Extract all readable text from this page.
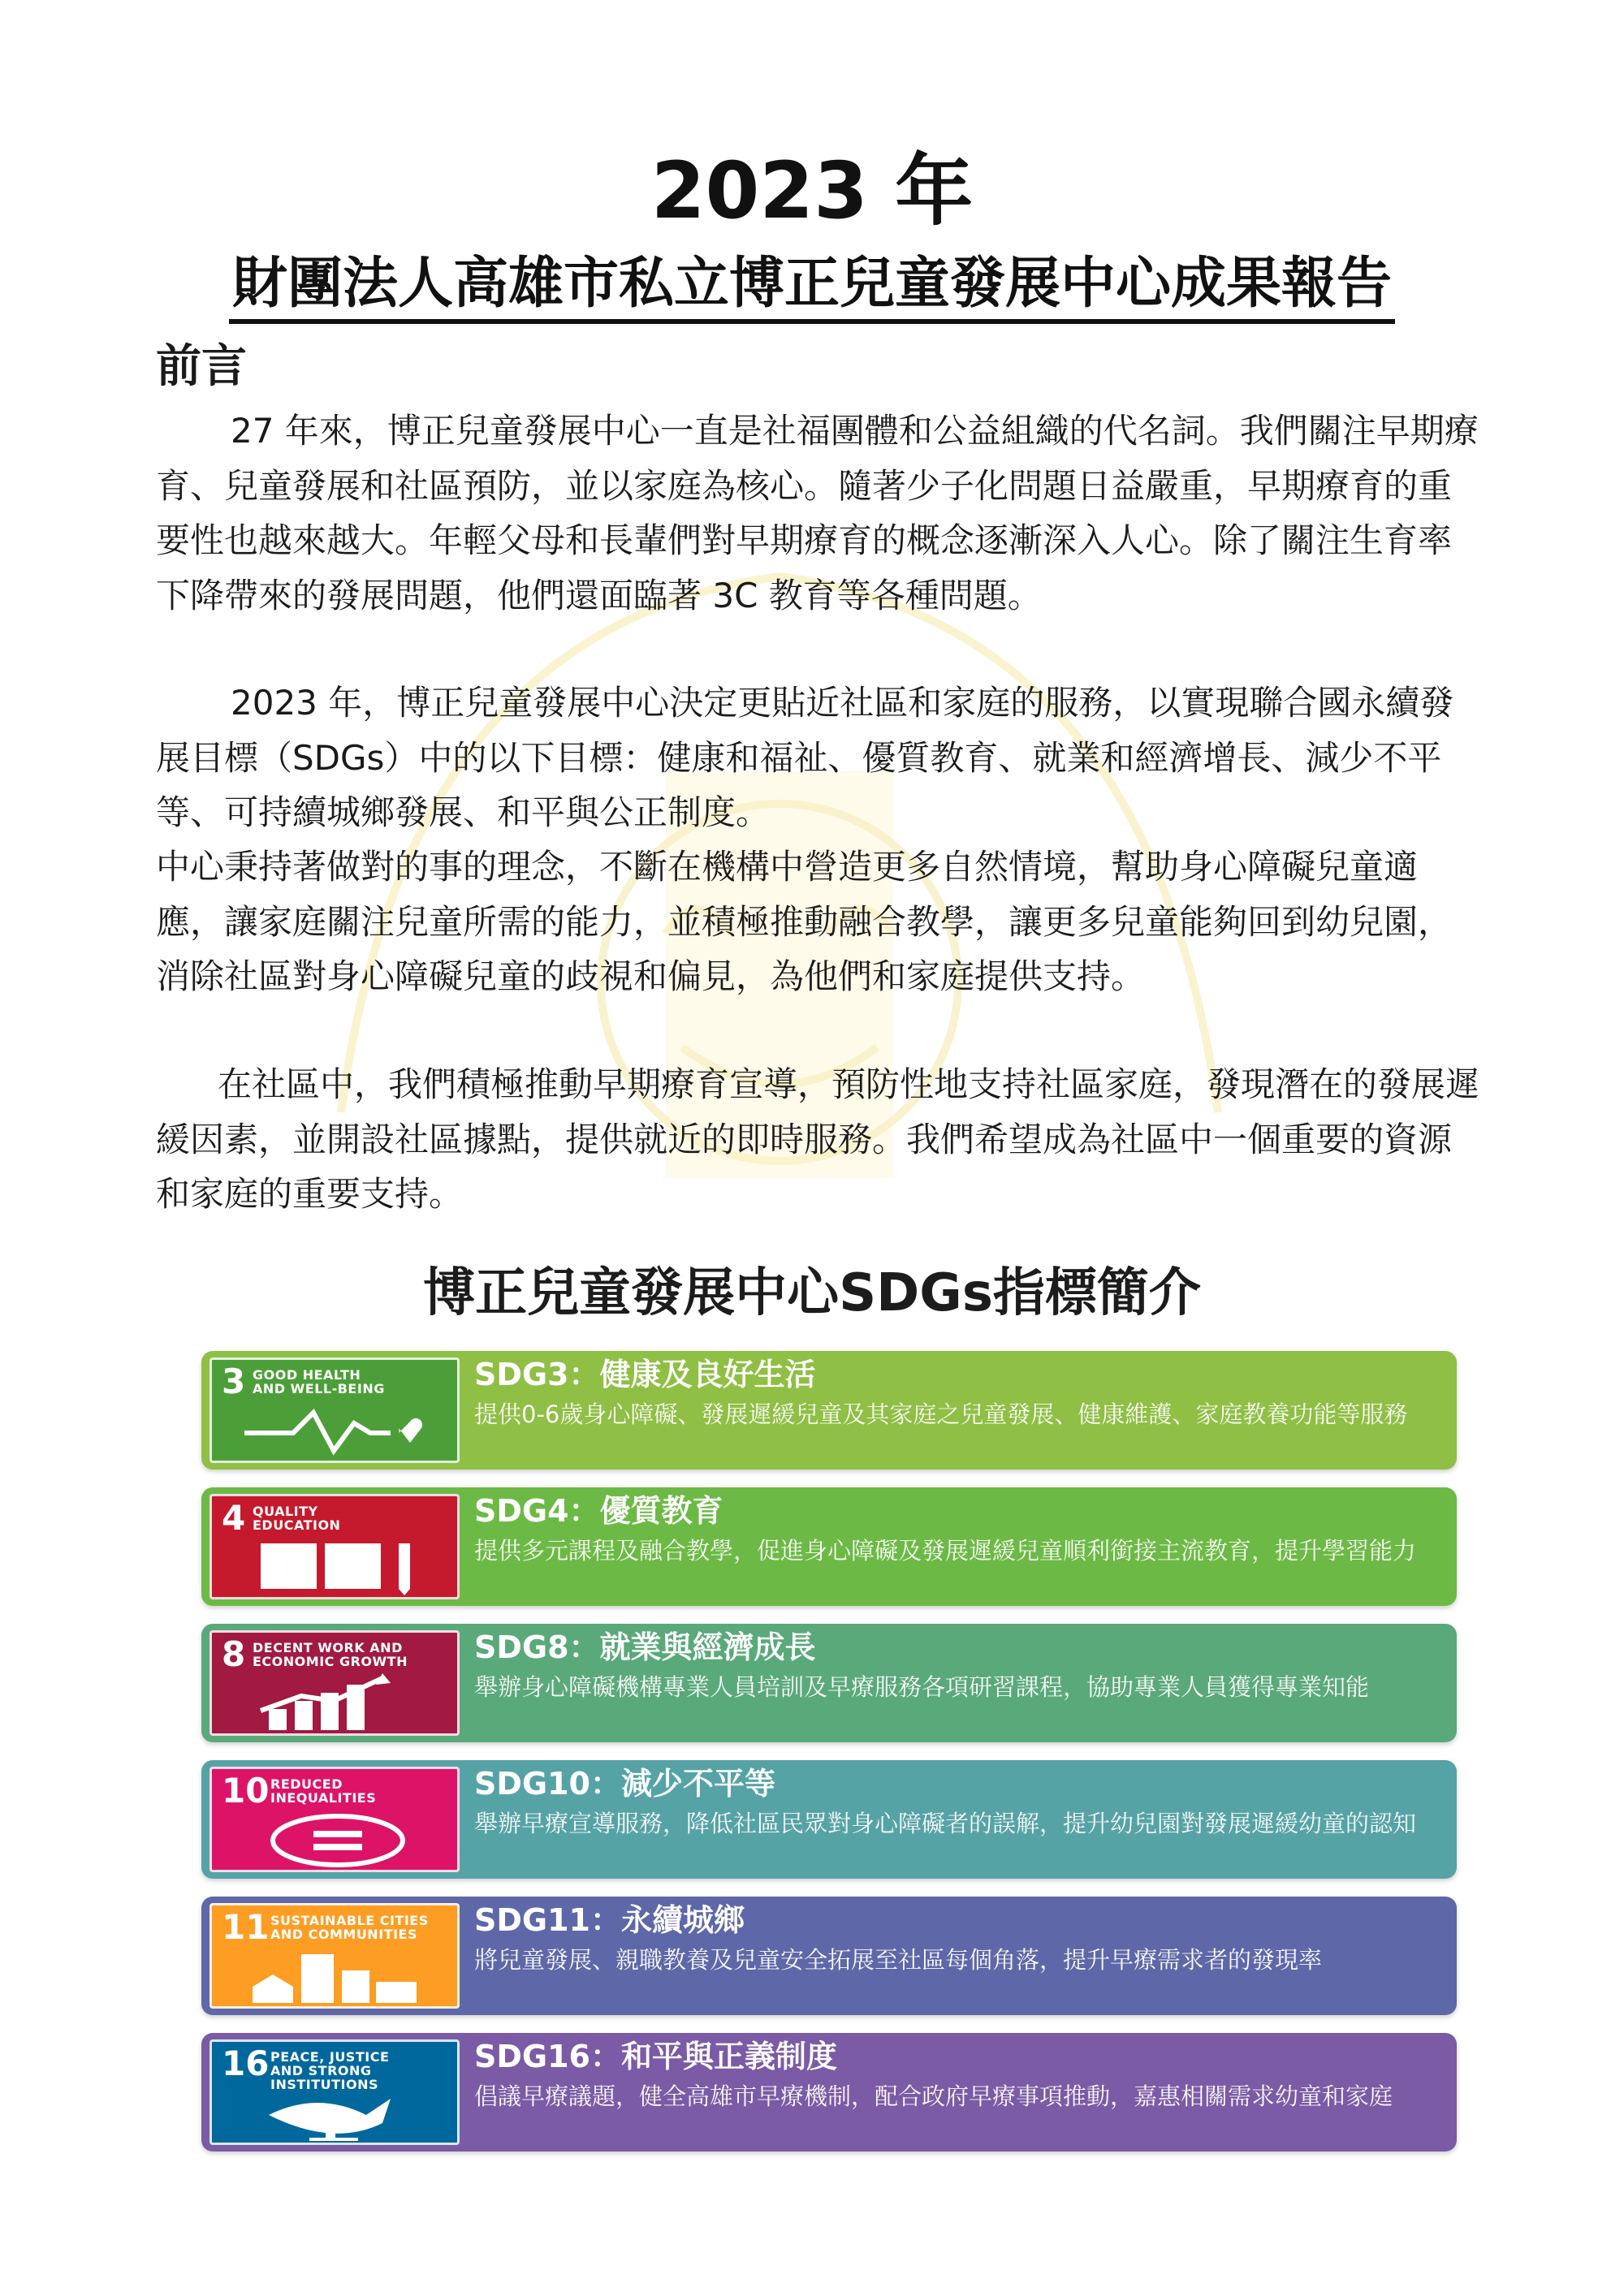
2023 年
財團法人高雄市私立博正兒童發展中心成果報告
前言

27 年來，博正兒童發展中心一直是社福團體和公益組織的代名詞。我們關注早期療育、兒童發展和社區預防，並以家庭為核心。隨著少子化問題日益嚴重，早期療育的重要性也越來越大。年輕父母和長輩們對早期療育的概念逐漸深入人心。除了關注生育率下降帶來的發展問題，他們還面臨著 3C 教育等各種問題。

2023 年，博正兒童發展中心決定更貼近社區和家庭的服務，以實現聯合國永續發展目標（SDGs）中的以下目標：健康和福祉、優質教育、就業和經濟增長、減少不平等、可持續城鄉發展、和平與公正制度。

中心秉持著做對的事的理念，不斷在機構中營造更多自然情境，幫助身心障礙兒童適應，讓家庭關注兒童所需的能力，並積極推動融合教學，讓更多兒童能夠回到幼兒園，消除社區對身心障礙兒童的歧視和偏見，為他們和家庭提供支持。

在社區中，我們積極推動早期療育宣導，預防性地支持社區家庭，發現潛在的發展遲緩因素，並開設社區據點，提供就近的即時服務。我們希望成為社區中一個重要的資源和家庭的重要支持。

博正兒童發展中心SDGs指標簡介
3 GOOD HEALTH
AND WELL-BEING	SDG3：健康及良好生活
提供0-6歲身心障礙、發展遲緩兒童及其家庭之兒童發展、健康維護、家庭教養功能等服務
4 QUALITY
EDUCATION	SDG4：優質教育
提供多元課程及融合教學，促進身心障礙及發展遲緩兒童順利銜接主流教育，提升學習能力
8 DECENT WORK AND
ECONOMIC GROWTH SDG8：就業與經濟成長
舉辦身心障礙機構專業人員培訓及早療服務各項研習課程，協助專業人員獲得專業知能
10 REDUCED
INEQUALITIES	SDG10：減少不平等
舉辦早療宣導服務，降低社區民眾對身心障礙者的誤解，提升幼兒園對發展遲緩幼童的認知
11 SUSTAINABLE CITIES
AND COMMUNITIES	SDG11：永續城鄉
將兒童發展、親職教養及兒童安全拓展至社區每個角落，提升早療需求者的發現率
16 PEACE, JUSTICE
AND STRONG
INSTITUTIONS
SDG16：和平與正義制度
倡議早療議題，健全高雄市早療機制，配合政府早療事項推動，嘉惠相關需求幼童和家庭
